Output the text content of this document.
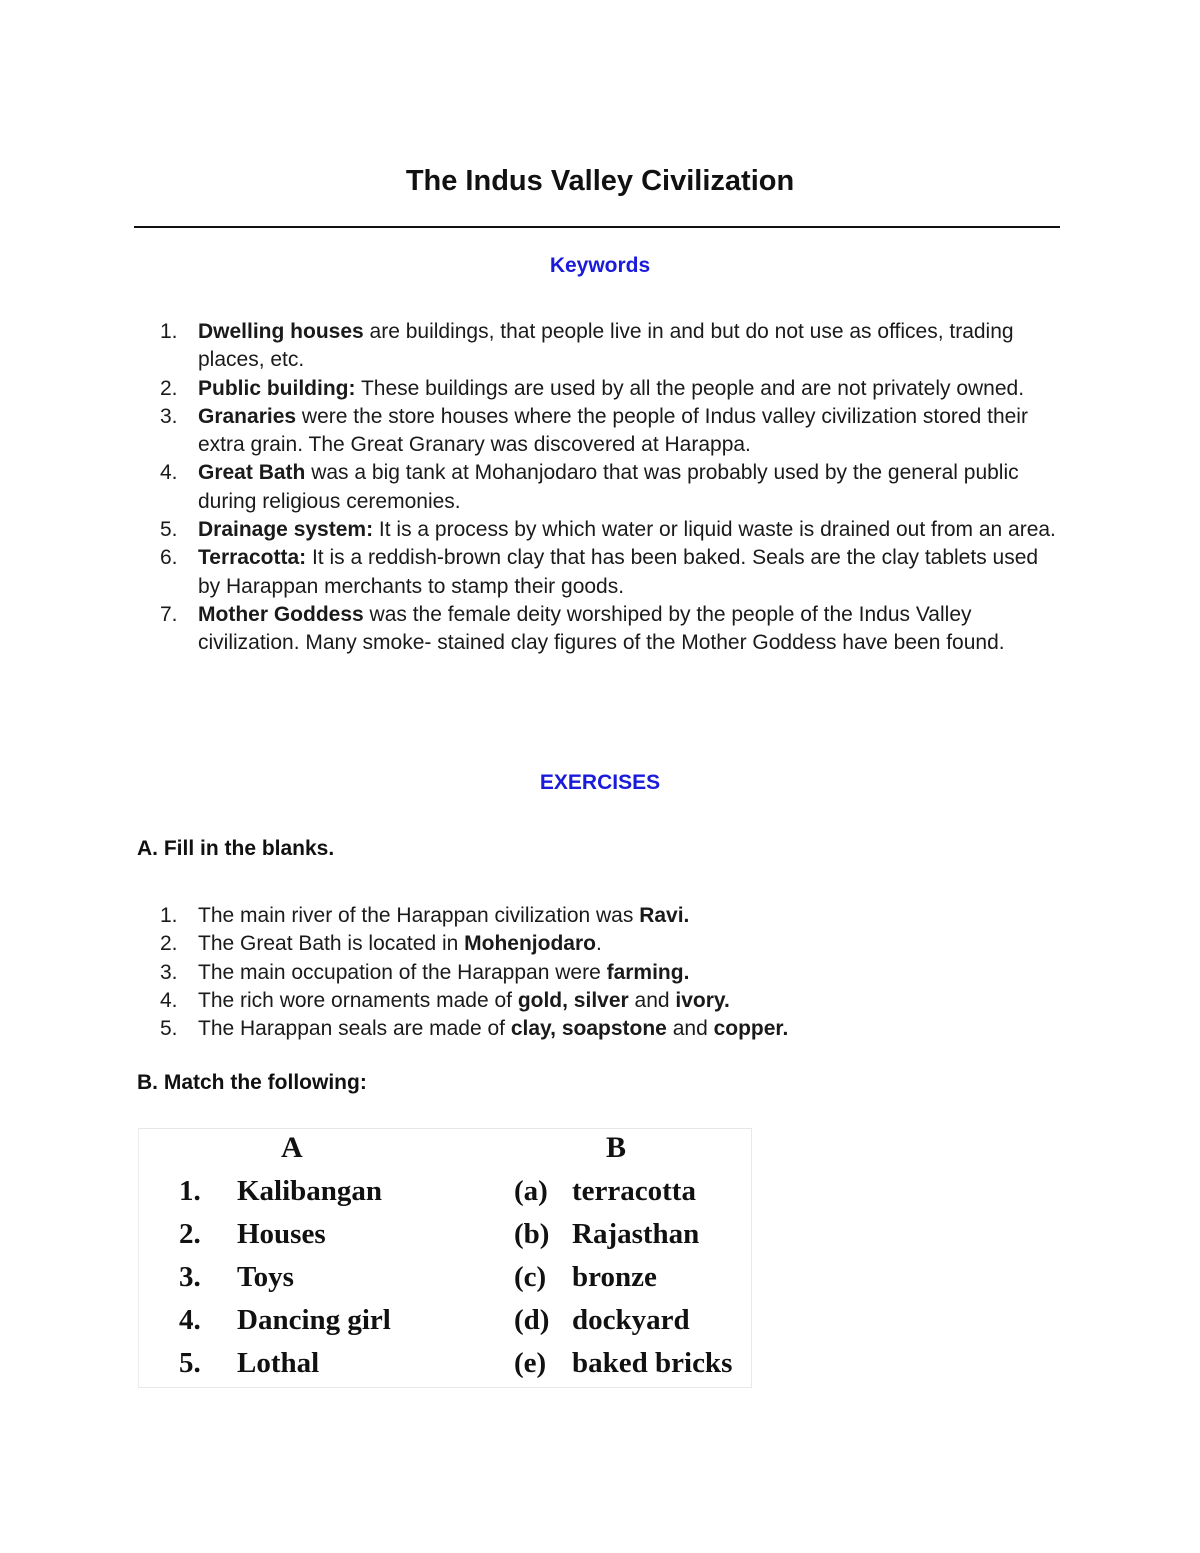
The Indus Valley Civilization
Keywords
1. Dwelling houses are buildings, that people live in and but do not use as offices, trading places, etc.
2. Public building: These buildings are used by all the people and are not privately owned.
3. Granaries were the store houses where the people of Indus valley civilization stored their extra grain. The Great Granary was discovered at Harappa.
4. Great Bath was a big tank at Mohanjodaro that was probably used by the general public during religious ceremonies.
5. Drainage system: It is a process by which water or liquid waste is drained out from an area.
6. Terracotta: It is a reddish-brown clay that has been baked. Seals are the clay tablets used by Harappan merchants to stamp their goods.
7. Mother Goddess was the female deity worshiped by the people of the Indus Valley civilization. Many smoke- stained clay figures of the Mother Goddess have been found.
EXERCISES
A. Fill in the blanks.
1. The main river of the Harappan civilization was Ravi.
2. The Great Bath is located in Mohenjodaro.
3. The main occupation of the Harappan were farming.
4. The rich wore ornaments made of gold, silver and ivory.
5. The Harappan seals are made of clay, soapstone and copper.
B. Match the following:
A	B
1. Kalibangan	(a) terracotta
2. Houses	(b) Rajasthan
3. Toys	(c) bronze
4. Dancing girl	(d) dockyard
5. Lothal	(e) baked bricks
